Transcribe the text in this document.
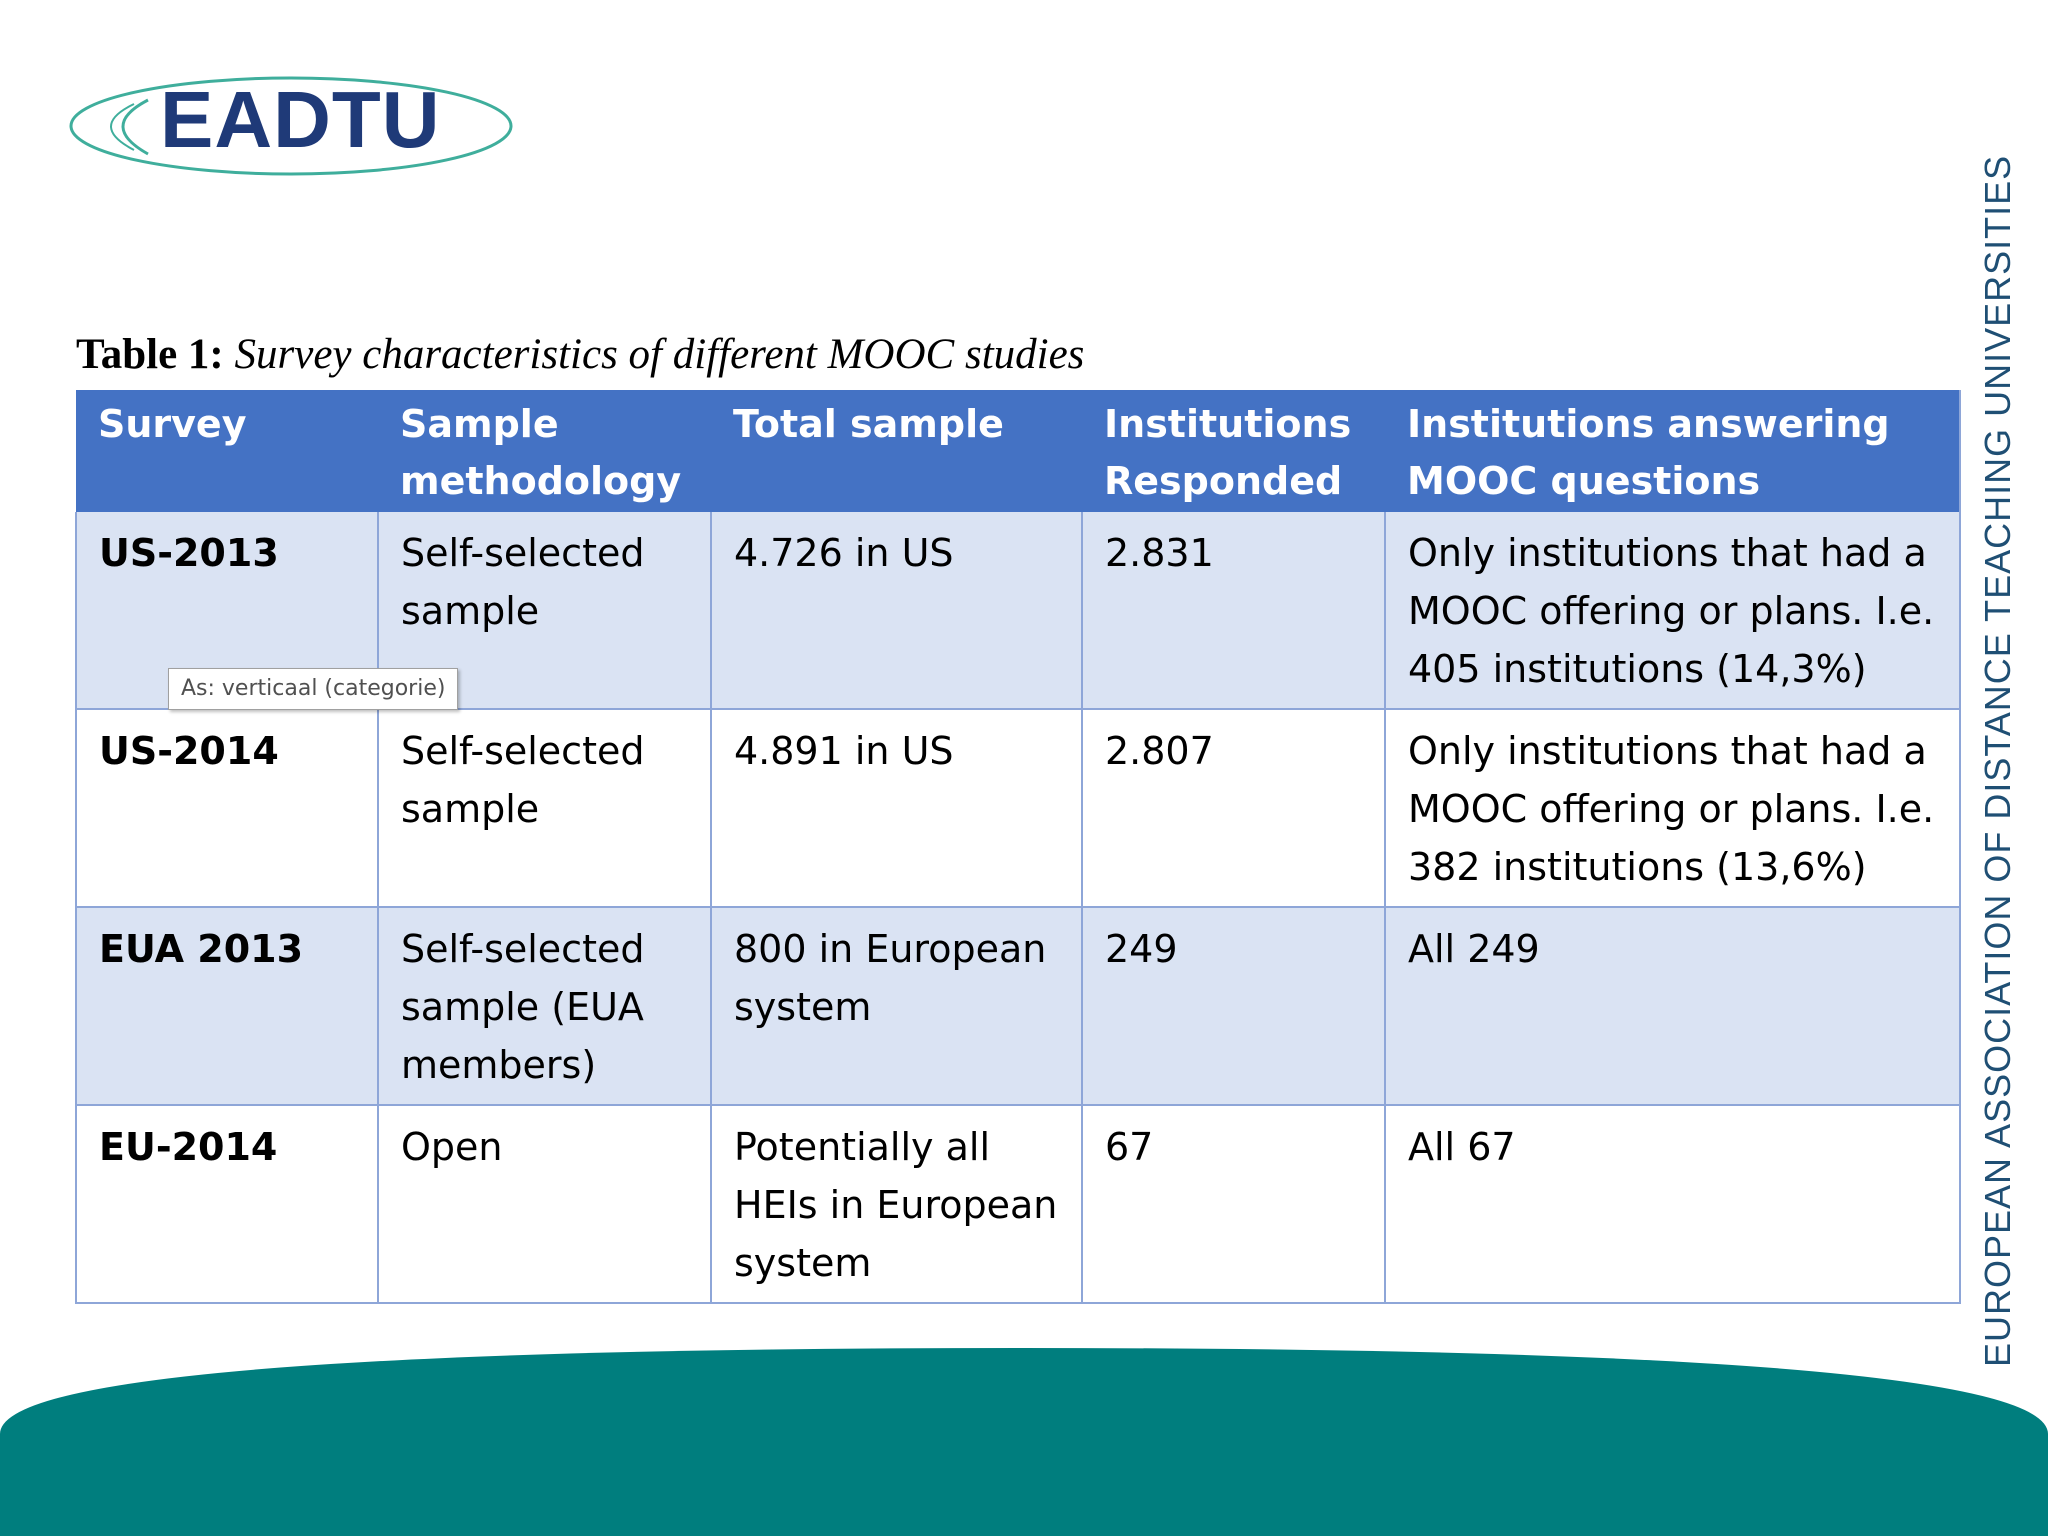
EADTU
EUROPEAN ASSOCIATION OF DISTANCE TEACHING UNIVERSITIES
Table 1: Survey characteristics of different MOOC studies
Survey	Sample methodology	Total sample	Institutions Responded	Institutions answering MOOC questions
US-2013	Self-selected sample	4.726 in US	2.831	Only institutions that had a MOOC offering or plans. I.e. 405 institutions (14,3%)
US-2014	Self-selected sample	4.891 in US	2.807	Only institutions that had a MOOC offering or plans. I.e. 382 institutions (13,6%)
EUA 2013	Self-selected sample (EUA members)	800 in European system	249	All 249
EU-2014	Open	Potentially all HEIs in European system	67	All 67
As: verticaal (categorie)
